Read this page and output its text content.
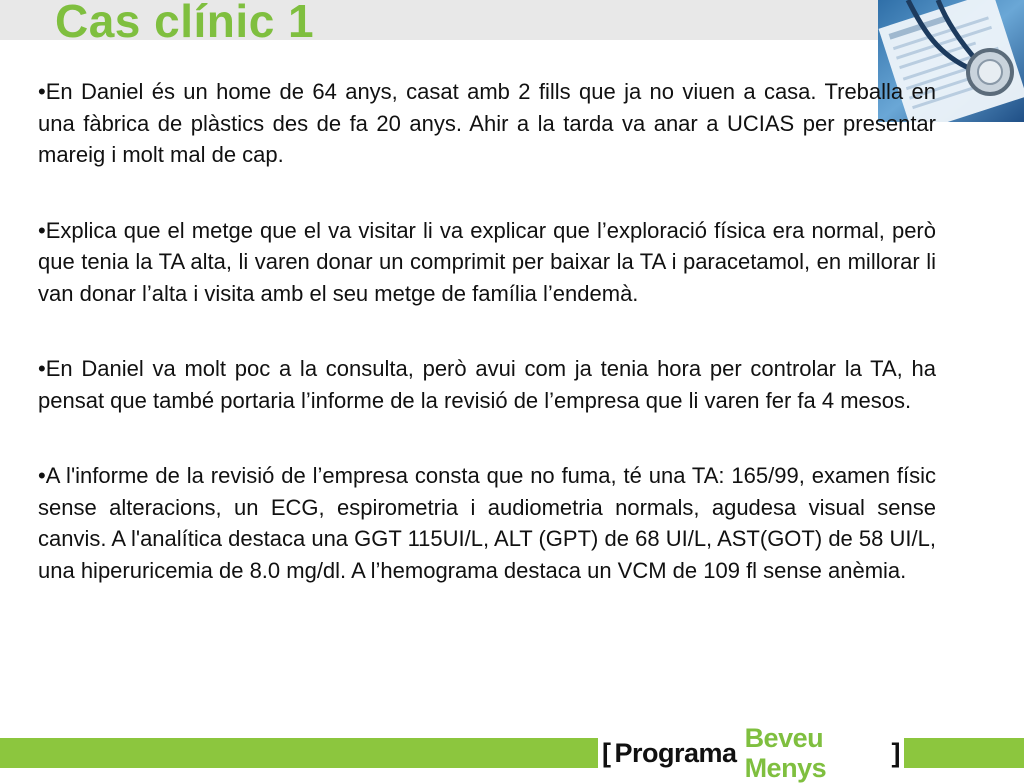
Cas clínic 1

•En Daniel és un home de 64 anys, casat amb 2 fills que ja no viuen a casa. Treballa en una fàbrica de plàstics des de fa 20 anys. Ahir a la tarda va anar a UCIAS per presentar mareig i molt mal de cap.

•Explica que el metge que el va visitar li va explicar que l’exploració física era normal, però que tenia la TA alta, li varen donar un comprimit per baixar la TA i paracetamol, en millorar li van donar l’alta i visita amb el seu metge de família l’endemà.

•En Daniel va molt poc a la consulta, però avui com ja tenia hora per controlar la TA, ha pensat que també portaria l’informe de la revisió de l’empresa que li varen fer fa 4 mesos.

•A l'informe de la revisió de l’empresa consta que no fuma, té una TA: 165/99, examen físic sense alteracions, un ECG, espirometria i audiometria normals, agudesa visual sense canvis. A l'analítica destaca una GGT 115UI/L, ALT (GPT) de 68 UI/L, AST(GOT) de 58 UI/L, una hiperuricemia de 8.0 mg/dl. A l’hemograma destaca un VCM de 109 fl sense anèmia.

[ Programa Beveu Menys	]
